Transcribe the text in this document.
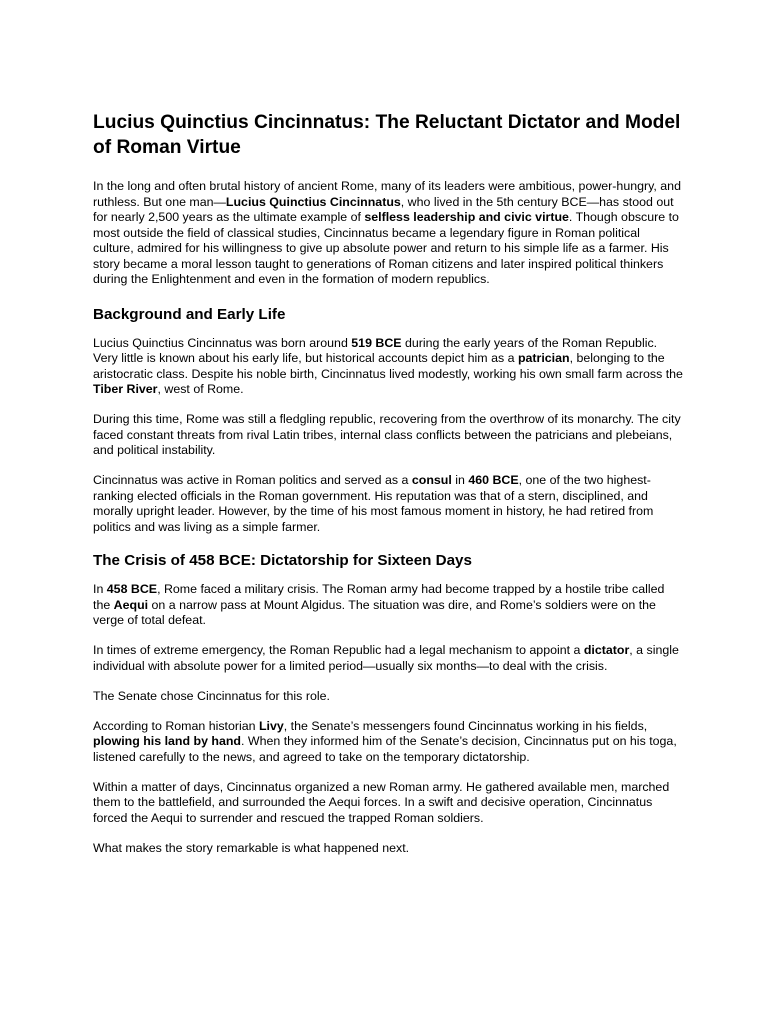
Lucius Quinctius Cincinnatus: The Reluctant Dictator and Model of Roman Virtue

In the long and often brutal history of ancient Rome, many of its leaders were ambitious, power-hungry, and ruthless. But one man—Lucius Quinctius Cincinnatus, who lived in the 5th century BCE—has stood out for nearly 2,500 years as the ultimate example of selfless leadership and civic virtue. Though obscure to most outside the field of classical studies, Cincinnatus became a legendary figure in Roman political culture, admired for his willingness to give up absolute power and return to his simple life as a farmer. His story became a moral lesson taught to generations of Roman citizens and later inspired political thinkers during the Enlightenment and even in the formation of modern republics.

Background and Early Life

Lucius Quinctius Cincinnatus was born around 519 BCE during the early years of the Roman Republic. Very little is known about his early life, but historical accounts depict him as a patrician, belonging to the aristocratic class. Despite his noble birth, Cincinnatus lived modestly, working his own small farm across the Tiber River, west of Rome.

During this time, Rome was still a fledgling republic, recovering from the overthrow of its monarchy. The city faced constant threats from rival Latin tribes, internal class conflicts between the patricians and plebeians, and political instability.

Cincinnatus was active in Roman politics and served as a consul in 460 BCE, one of the two highest-ranking elected officials in the Roman government. His reputation was that of a stern, disciplined, and morally upright leader. However, by the time of his most famous moment in history, he had retired from politics and was living as a simple farmer.

The Crisis of 458 BCE: Dictatorship for Sixteen Days

In 458 BCE, Rome faced a military crisis. The Roman army had become trapped by a hostile tribe called the Aequi on a narrow pass at Mount Algidus. The situation was dire, and Rome’s soldiers were on the verge of total defeat.

In times of extreme emergency, the Roman Republic had a legal mechanism to appoint a dictator, a single individual with absolute power for a limited period—usually six months—to deal with the crisis.

The Senate chose Cincinnatus for this role.

According to Roman historian Livy, the Senate’s messengers found Cincinnatus working in his fields, plowing his land by hand. When they informed him of the Senate’s decision, Cincinnatus put on his toga, listened carefully to the news, and agreed to take on the temporary dictatorship.

Within a matter of days, Cincinnatus organized a new Roman army. He gathered available men, marched them to the battlefield, and surrounded the Aequi forces. In a swift and decisive operation, Cincinnatus forced the Aequi to surrender and rescued the trapped Roman soldiers.

What makes the story remarkable is what happened next.
